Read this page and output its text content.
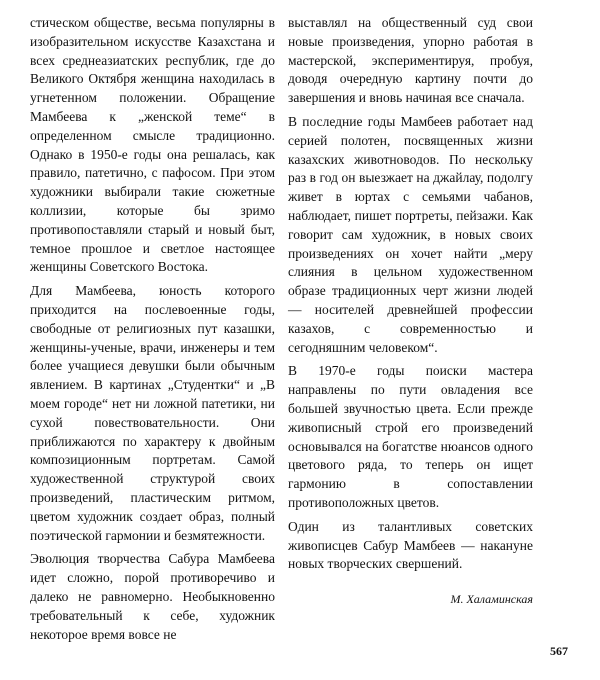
стическом обществе, весьма популярны в изобразительном искусстве Казахстана и всех среднеазиатских республик, где до Великого Октября женщина находилась в угнетенном положении. Обращение Мамбеева к „женской теме“ в определенном смысле традиционно. Однако в 1950-е годы она решалась, как правило, патетично, с пафосом. При этом художники выбирали такие сюжетные коллизии, которые бы зримо противопоставляли старый и новый быт, темное прошлое и светлое настоящее женщины Советского Востока.

Для Мамбеева, юность которого приходится на послевоенные годы, свободные от религиозных пут казашки, женщины-ученые, врачи, инженеры и тем более учащиеся девушки были обычным явлением. В картинах „Студентки“ и „В моем городе“ нет ни ложной патетики, ни сухой повествовательности. Они приближаются по характеру к двойным композиционным портретам. Самой художественной структурой своих произведений, пластическим ритмом, цветом художник создает образ, полный поэтической гармонии и безмятежности.

Эволюция творчества Сабура Мамбеева идет сложно, порой противоречиво и далеко не равномерно. Необыкновенно требовательный к себе, художник некоторое время вовсе не

выставлял на общественный суд свои новые произведения, упорно работая в мастерской, экспериментируя, пробуя, доводя очередную картину почти до завершения и вновь начиная все сначала.

В последние годы Мамбеев работает над серией полотен, посвященных жизни казахских животноводов. По нескольку раз в год он выезжает на джайлау, подолгу живет в юртах с семьями чабанов, наблюдает, пишет портреты, пейзажи. Как говорит сам художник, в новых своих произведениях он хочет найти „меру слияния в цельном художественном образе традиционных черт жизни людей — носителей древнейшей профессии казахов, с современностью и сегодняшним человеком“.

В 1970-е годы поиски мастера направлены по пути овладения все большей звучностью цвета. Если прежде живописный строй его произведений основывался на богатстве нюансов одного цветового ряда, то теперь он ищет гармонию в сопоставлении противоположных цветов.

Один из талантливых советских живописцев Сабур Мамбеев — накануне новых творческих свершений.

М. Халаминская

567
